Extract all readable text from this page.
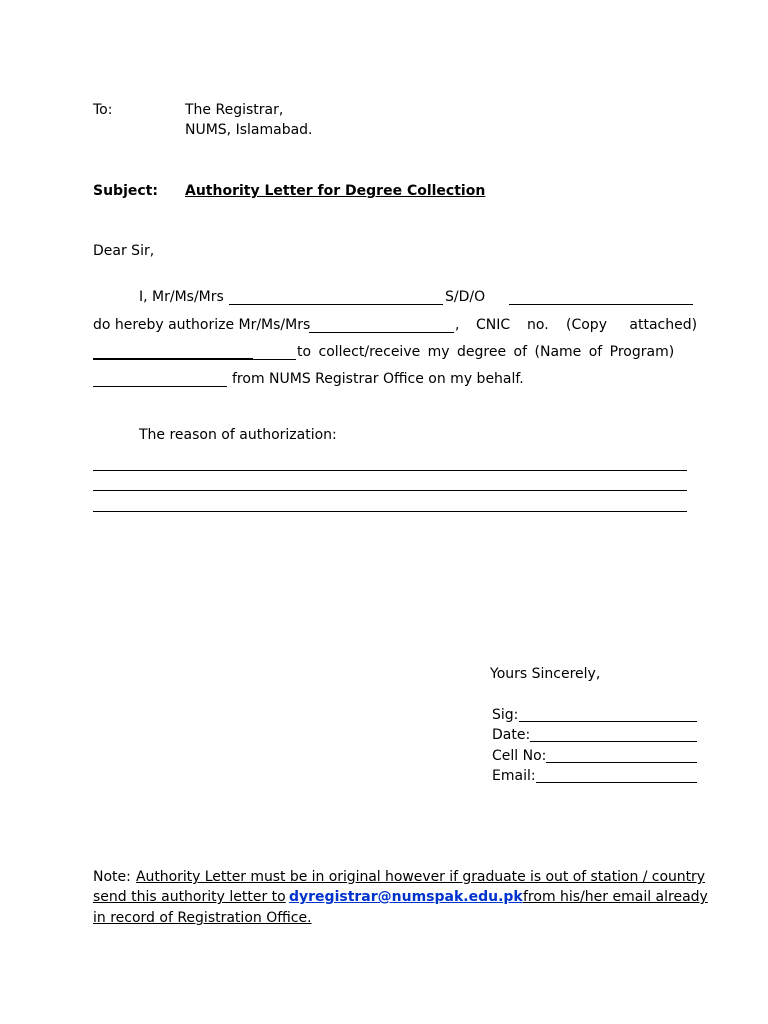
To:	The Registrar,
NUMS, Islamabad.
Subject: Authority Letter for Degree Collection
Dear Sir,
I, Mr/Ms/Mrs	S/D/O
do hereby authorize Mr/Ms/Mrs	, CNIC no. (Copy attached)
to collect/receive my degree of (Name of Program)
from NUMS Registrar Office on my behalf.
The reason of authorization:
Yours Sincerely,
Sig:
Date:
Cell No:
Email:
Note: Authority Letter must be in original however if graduate is out of station / country
send this authority letter to dyregistrar@numspak.edu.pk from his/her email already
in record of Registration Office.
